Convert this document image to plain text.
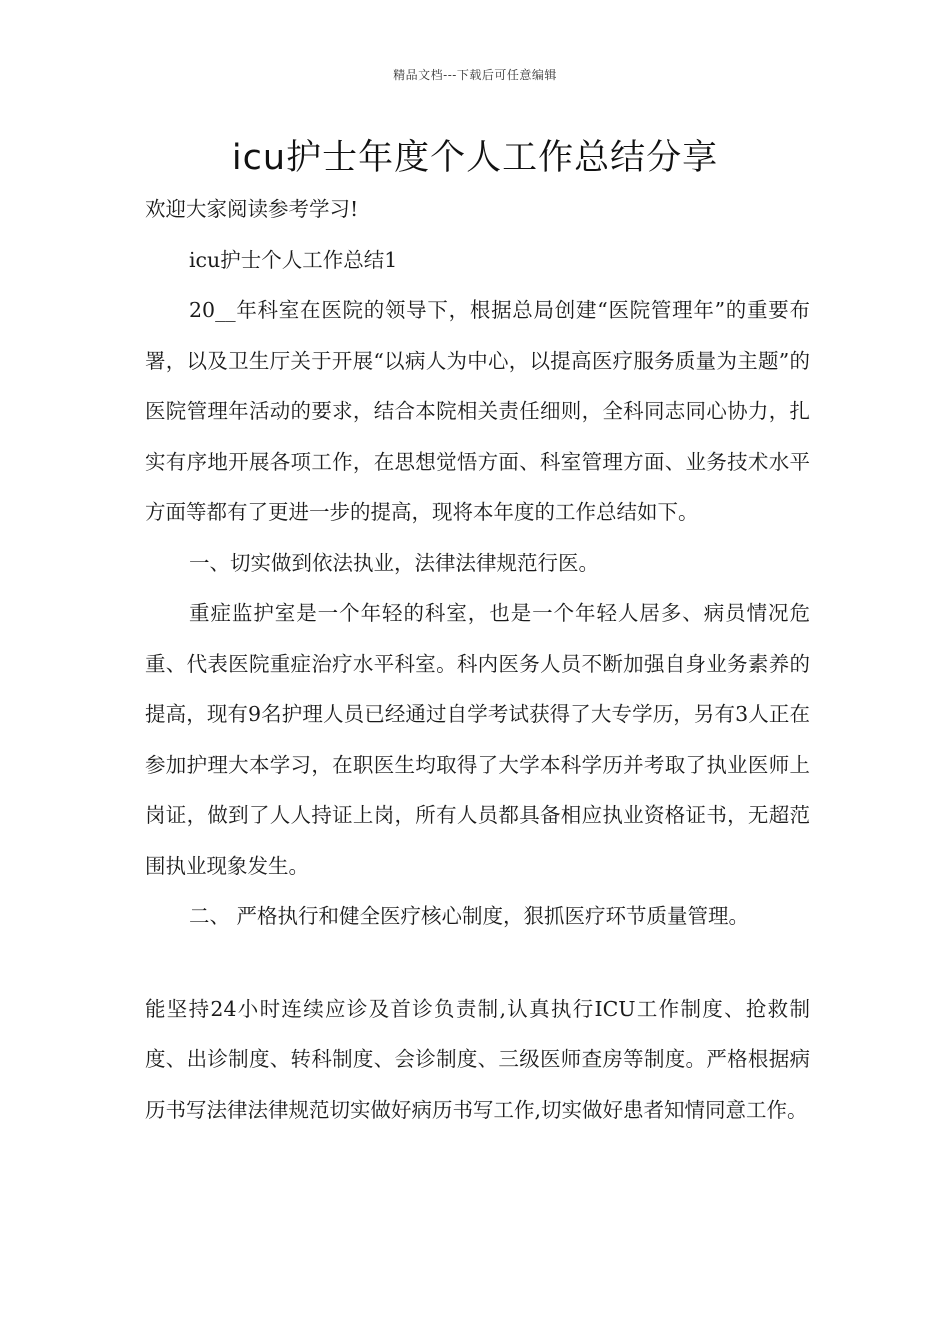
精品文档---下载后可任意编辑
icu护士年度个人工作总结分享

欢迎大家阅读参考学习!

icu护士个人工作总结1

20__年科室在医院的领导下，根据总局创建“医院管理年”的重要布署，以及卫生厅关于开展“以病人为中心，以提高医疗服务质量为主题”的医院管理年活动的要求，结合本院相关责任细则，全科同志同心协力，扎实有序地开展各项工作，在思想觉悟方面、科室管理方面、业务技术水平方面等都有了更进一步的提高，现将本年度的工作总结如下。

一、切实做到依法执业，法律法律规范行医。

重症监护室是一个年轻的科室，也是一个年轻人居多、病员情况危重、代表医院重症治疗水平科室。科内医务人员不断加强自身业务素养的提高，现有9名护理人员已经通过自学考试获得了大专学历，另有3人正在参加护理大本学习，在职医生均取得了大学本科学历并考取了执业医师上岗证，做到了人人持证上岗，所有人员都具备相应执业资格证书，无超范围执业现象发生。

二、 严格执行和健全医疗核心制度，狠抓医疗环节质量管理。

能坚持24小时连续应诊及首诊负责制,认真执行ICU工作制度、抢救制度、出诊制度、转科制度、会诊制度、三级医师查房等制度。严格根据病历书写法律法律规范切实做好病历书写工作,切实做好患者知情同意工作。
